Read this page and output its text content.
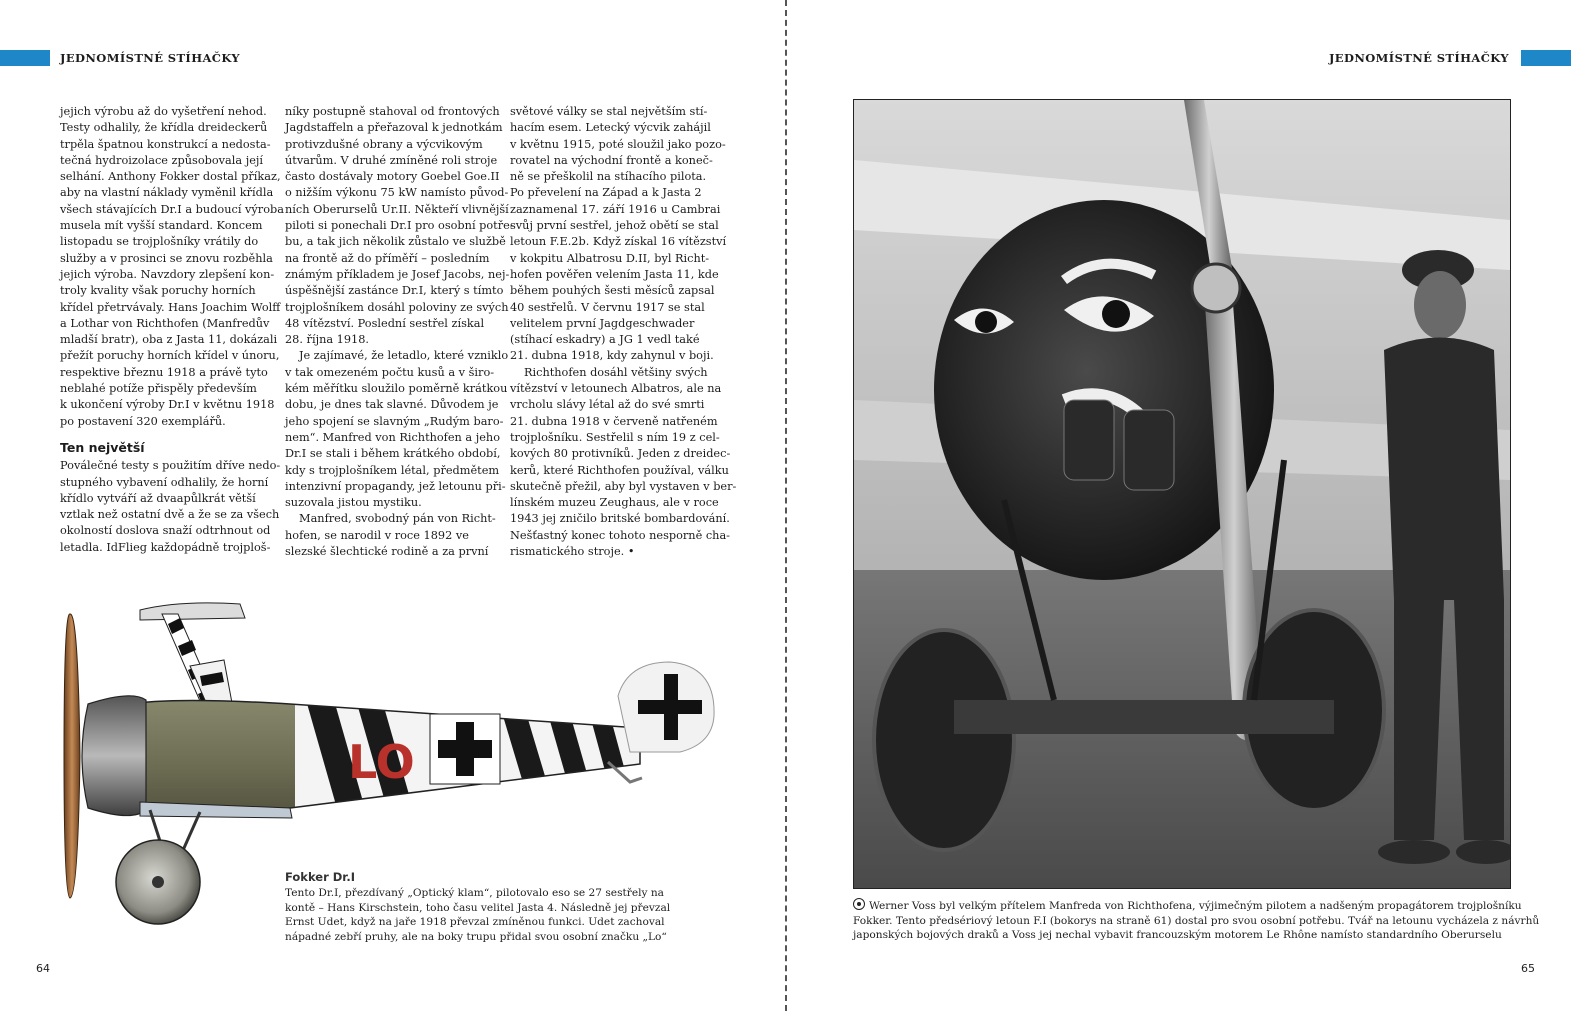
JEDNOMÍSTNÉ STÍHAČKY

jejich výrobu až do vyšetření nehod.
Testy odhalily, že křídla dreideckerů
trpěla špatnou konstrukcí a nedosta-
tečná hydroizolace způsobovala její
selhání. Anthony Fokker dostal příkaz,
aby na vlastní náklady vyměnil křídla
všech stávajících Dr.I a budoucí výroba
musela mít vyšší standard. Koncem
listopadu se trojplošníky vrátily do
služby a v prosinci se znovu rozběhla
jejich výroba. Navzdory zlepšení kon-
troly kvality však poruchy horních
křídel přetrvávaly. Hans Joachim Wolff
a Lothar von Richthofen (Manfredův
mladší bratr), oba z Jasta 11, dokázali
přežít poruchy horních křídel v únoru,
respektive březnu 1918 a právě tyto
neblahé potíže přispěly především
k ukončení výroby Dr.I v květnu 1918
po postavení 320 exemplářů.

Ten největší

Poválečné testy s použitím dříve nedo-
stupného vybavení odhalily, že horní
křídlo vytváří až dvaapůlkrát větší
vztlak než ostatní dvě a že se za všech
okolností doslova snaží odtrhnout od
letadla. IdFlieg každopádně trojploš-

níky postupně stahoval od frontových
Jagdstaffeln a přeřazoval k jednotkám
protivzdušné obrany a výcvikovým
útvarům. V druhé zmíněné roli stroje
často dostávaly motory Goebel Goe.II
o nižším výkonu 75 kW namísto původ-
ních Oberurselů Ur.II. Někteří vlivnější
piloti si ponechali Dr.I pro osobní potře-
bu, a tak jich několik zůstalo ve službě
na frontě až do příměří – posledním
známým příkladem je Josef Jacobs, nej-
úspěšnější zastánce Dr.I, který s tímto
trojplošníkem dosáhl poloviny ze svých
48 vítězství. Poslední sestřel získal
28. října 1918.

Je zajímavé, že letadlo, které vzniklo
v tak omezeném počtu kusů a v širo-
kém měřítku sloužilo poměrně krátkou
dobu, je dnes tak slavné. Důvodem je
jeho spojení se slavným „Rudým baro-
nem“. Manfred von Richthofen a jeho
Dr.I se stali i během krátkého období,
kdy s trojplošníkem létal, předmětem
intenzivní propagandy, jež letounu při-
suzovala jistou mystiku.

Manfred, svobodný pán von Richt-
hofen, se narodil v roce 1892 ve
slezské šlechtické rodině a za první

světové války se stal největším stí-
hacím esem. Letecký výcvik zahájil
v květnu 1915, poté sloužil jako pozo-
rovatel na východní frontě a koneč-
ně se přeškolil na stíhacího pilota.
Po převelení na Západ a k Jasta 2
zaznamenal 17. září 1916 u Cambrai
svůj první sestřel, jehož obětí se stal
letoun F.E.2b. Když získal 16 vítězství
v kokpitu Albatrosu D.II, byl Richt-
hofen pověřen velením Jasta 11, kde
během pouhých šesti měsíců zapsal
40 sestřelů. V červnu 1917 se stal
velitelem první Jagdgeschwader
(stíhací eskadry) a JG 1 vedl také
21. dubna 1918, kdy zahynul v boji.

Richthofen dosáhl většiny svých
vítězství v letounech Albatros, ale na
vrcholu slávy létal až do své smrti
21. dubna 1918 v červeně natřeném
trojplošníku. Sestřelil s ním 19 z cel-
kových 80 protivníků. Jeden z dreidec-
kerů, které Richthofen používal, válku
skutečně přežil, aby byl vystaven v ber-
línském muzeu Zeughaus, ale v roce
1943 jej zničilo britské bombardování.
Nešťastný konec tohoto nesporně cha-
rismatického stroje. •

LO
Fokker Dr.I
Tento Dr.I, přezdívaný „Optický klam“, pilotovalo eso se 27 sestřely na
kontě – Hans Kirschstein, toho času velitel Jasta 4. Následně jej převzal
Ernst Udet, když na jaře 1918 převzal zmíněnou funkci. Udet zachoval
nápadné zebří pruhy, ale na boky trupu přidal svou osobní značku „Lo“
64
JEDNOMÍSTNÉ STÍHAČKY
Werner Voss byl velkým přítelem Manfreda von Richthofena, výjimečným pilotem a nadšeným propagátorem trojplošníku
Fokker. Tento předsériový letoun F.I (bokorys na straně 61) dostal pro svou osobní potřebu. Tvář na letounu vycházela z návrhů
japonských bojových draků a Voss jej nechal vybavit francouzským motorem Le Rhône namísto standardního Oberurselu
65
